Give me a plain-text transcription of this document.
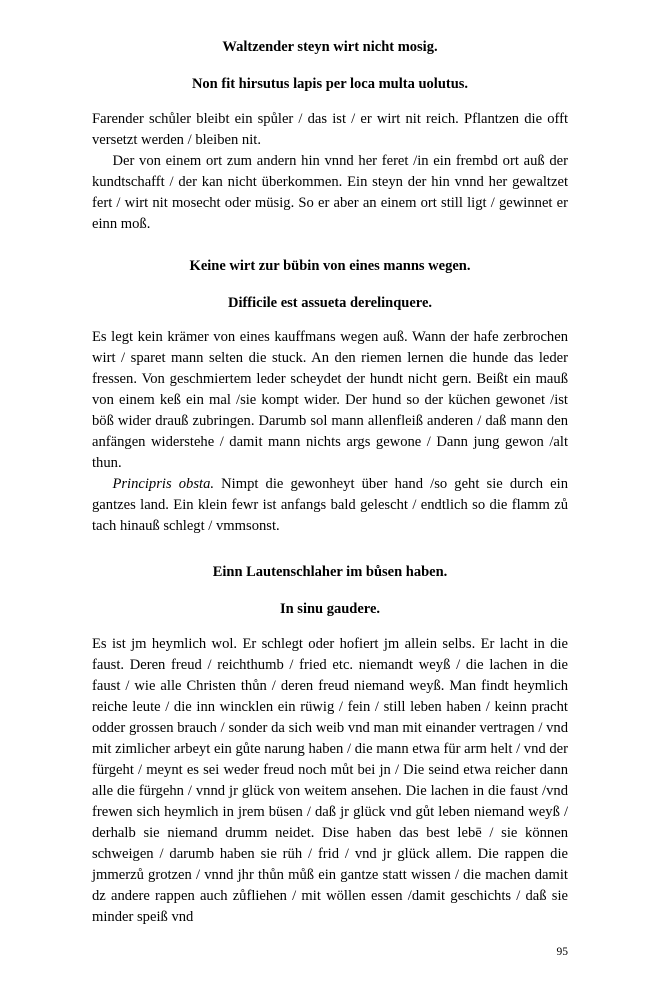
Waltzender steyn wirt nicht mosig.
Non fit hirsutus lapis per loca multa uolutus.

Farender schůler bleibt ein spůler / das ist / er wirt nit reich. Pflantzen die offt versetzt werden / bleiben nit.

Der von einem ort zum andern hin vnnd her feret /in ein frembd ort auß der kundtschafft / der kan nicht überkommen. Ein steyn der hin vnnd her gewaltzet fert / wirt nit mosecht oder müsig. So er aber an einem ort still ligt / gewinnet er einn moß.

Keine wirt zur bübin von eines manns wegen.
Difficile est assueta derelinquere.

Es legt kein krämer von eines kauffmans wegen auß. Wann der hafe zerbrochen wirt / sparet mann selten die stuck. An den riemen lernen die hunde das leder fressen. Von geschmiertem leder scheydet der hundt nicht gern. Beißt ein mauß von einem keß ein mal /sie kompt wider. Der hund so der küchen gewonet /ist böß wider drauß zubringen. Darumb sol mann allenfleiß anderen / daß mann den anfängen widerstehe / damit mann nichts args gewone / Dann jung gewon /alt thun.

Principris obsta. Nimpt die gewonheyt über hand /so geht sie durch ein gantzes land. Ein klein fewr ist anfangs bald gelescht / endtlich so die flamm zů tach hinauß schlegt / vmmsonst.

Einn Lautenschlaher im bůsen haben.
In sinu gaudere.

Es ist jm heymlich wol. Er schlegt oder hofiert jm allein selbs. Er lacht in die faust. Deren freud / reichthumb / fried etc. niemandt weyß / die lachen in die faust / wie alle Christen thůn / deren freud niemand weyß. Man findt heymlich reiche leute / die inn wincklen ein rüwig / fein / still leben haben / keinn pracht odder grossen brauch / sonder da sich weib vnd man mit einander vertragen / vnd mit zimlicher arbeyt ein gůte narung haben / die mann etwa für arm helt / vnd der fürgeht / meynt es sei weder freud noch můt bei jn / Die seind etwa reicher dann alle die fürgehn / vnnd jr glück von weitem ansehen. Die lachen in die faust /vnd frewen sich heymlich in jrem büsen / daß jr glück vnd gůt leben niemand weyß / derhalb sie niemand drumm neidet. Dise haben das best lebē / sie können schweigen / darumb haben sie rüh / frid / vnd jr glück allem. Die rappen die jmmerzů grotzen / vnnd jhr thůn můß ein gantze statt wissen / die machen damit dz andere rappen auch zůfliehen / mit wöllen essen /damit geschichts / daß sie minder speiß vnd

95
